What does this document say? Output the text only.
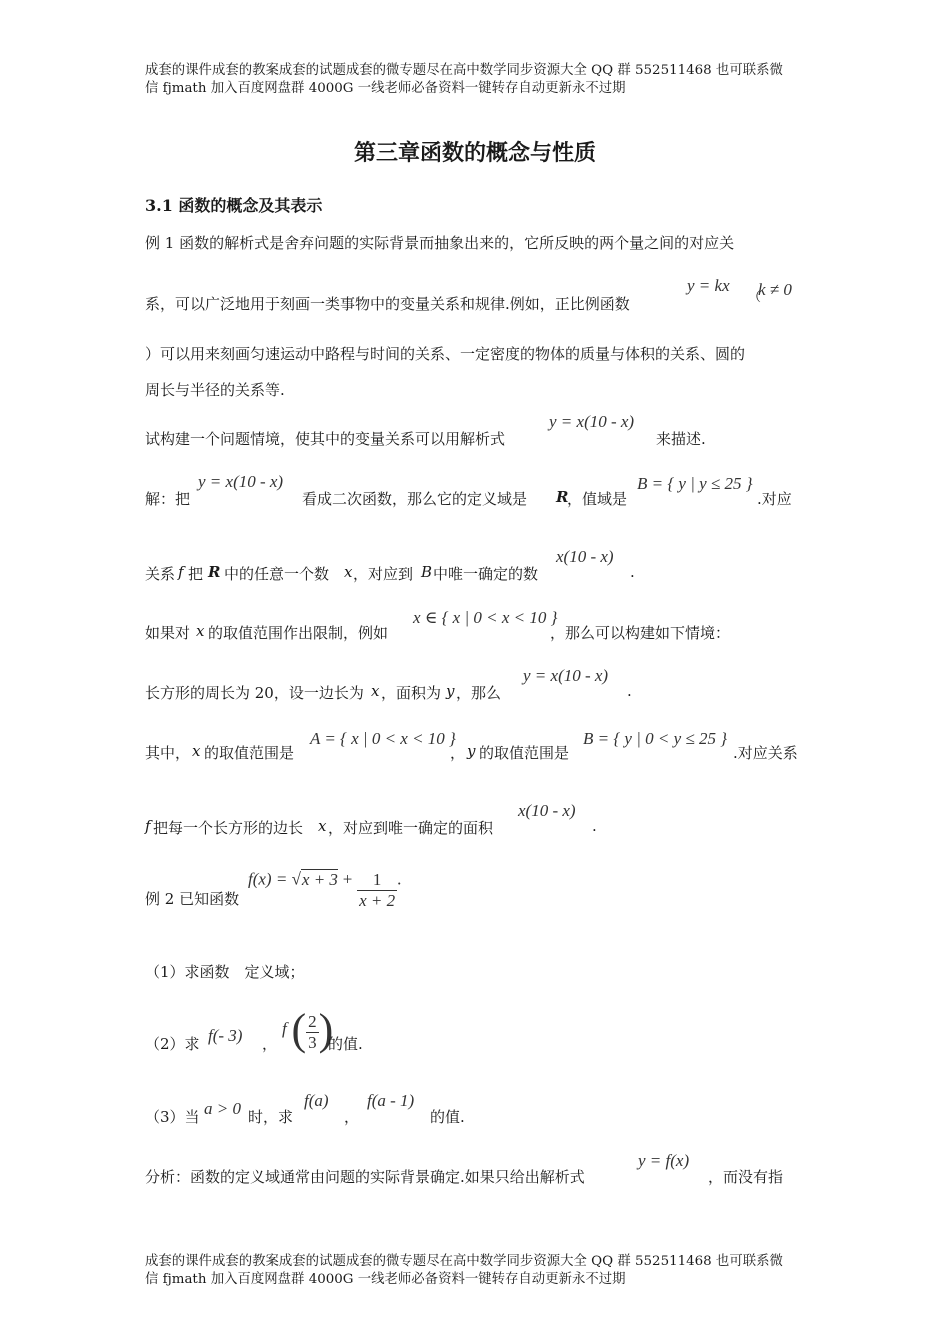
成套的课件成套的教案成套的试题成套的微专题尽在高中数学同步资源大全 QQ 群 552511468 也可联系微
信 fjmath 加入百度网盘群 4000G 一线老师必备资料一键转存自动更新永不过期
第三章函数的概念与性质
3.1 函数的概念及其表示
例 1 函数的解析式是舍弃问题的实际背景而抽象出来的，它所反映的两个量之间的对应关
系，可以广泛地用于刻画一类事物中的变量关系和规律.例如，正比例函数
y = kx
（
k ≠ 0
）可以用来刻画匀速运动中路程与时间的关系、一定密度的物体的质量与体积的关系、圆的
周长与半径的关系等.
试构建一个问题情境，使其中的变量关系可以用解析式
y = x(10 - x)
来描述.
解：把
y = x(10 - x)
看成二次函数，那么它的定义域是 R
，值域是
B = { y | y ≤ 25 }
.对应
关系 f 把 R 中的任意一个数 x ，对应到 B 中唯一确定的数
x(10 - x)
.
如果对 x 的取值范围作出限制，例如
x ∈ { x | 0 < x < 10 }
，那么可以构建如下情境：
长方形的周长为 20，设一边长为 x ，面积为 y ，那么
y = x(10 - x)
.
其中， x 的取值范围是
A = { x | 0 < x < 10 }
， y 的取值范围是
B = { y | 0 < y ≤ 25 }
.对应关系
f 把每一个长方形的边长 x ，对应到唯一确定的面积
x(10 - x)
.
例 2 已知函数
$f(x) = √x + 3 + \frac{1}{x + 2}$ .
（1）求函数　定义域；
（2）求 f(- 3) ，
f ( $\frac{2}{3}$ )
的值.
（3）当 a > 0 时，求
f(a)
，
f(a - 1)
的值.
分析：函数的定义域通常由问题的实际背景确定.如果只给出解析式
y = f(x)
，而没有指
成套的课件成套的教案成套的试题成套的微专题尽在高中数学同步资源大全 QQ 群 552511468 也可联系微
信 fjmath 加入百度网盘群 4000G 一线老师必备资料一键转存自动更新永不过期
